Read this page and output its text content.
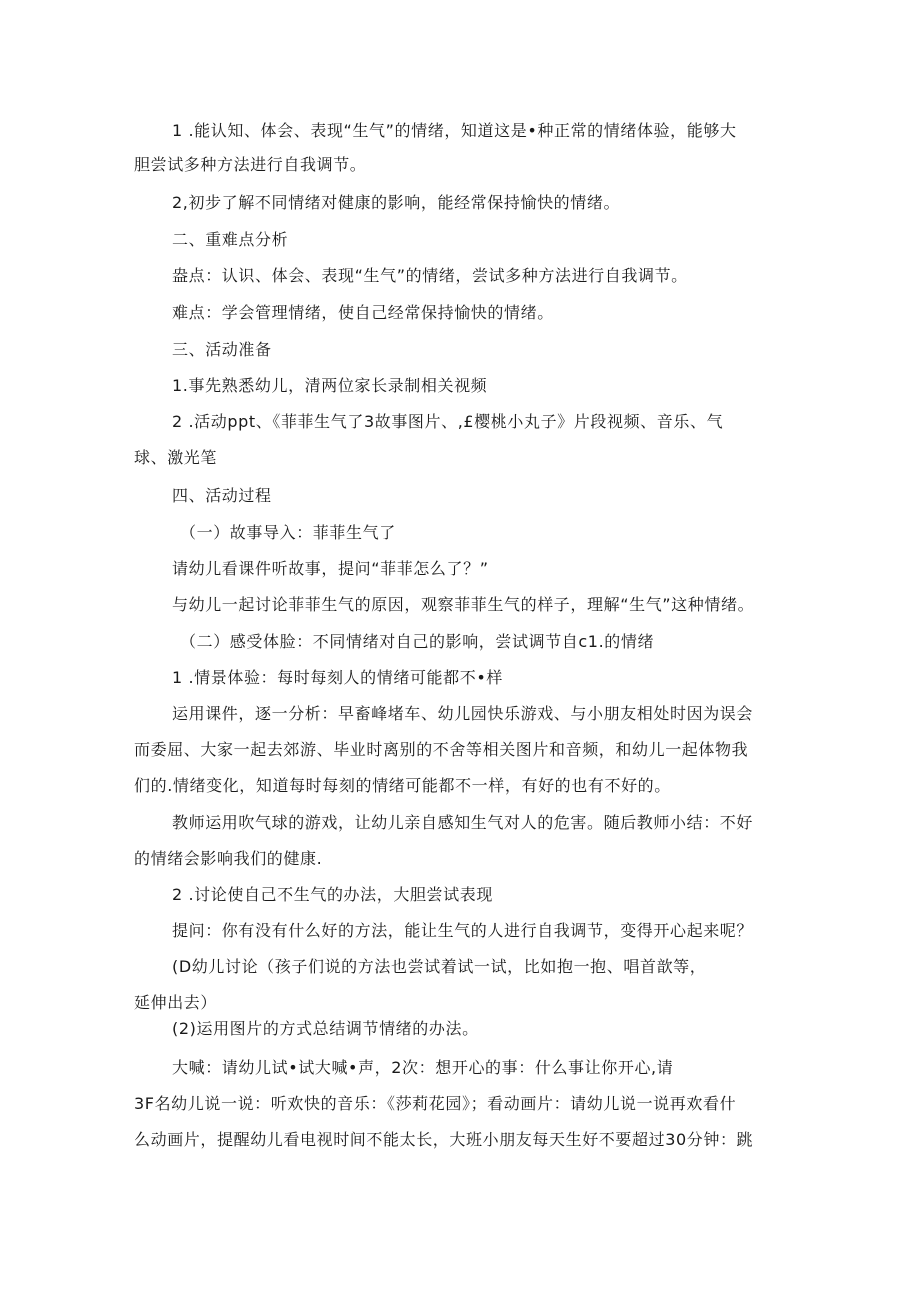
1 .能认知、体会、表现“生气”的情绪，知道这是•种正常的情绪体验，能够大
胆尝试多种方法进行自我调节。
2,初步了解不同情绪对健康的影响，能经常保持愉快的情绪。
二、重难点分析
盎点：认识、体会、表现“生气”的情绪，尝试多种方法进行自我调节。
难点：学会管理情绪，使自己经常保持愉快的情绪。
三、活动准备
1.事先熟悉幼儿，清两位家长录制相关视频
2 .活动ppt、《菲菲生气了3故事图片、,£樱桃小丸子》片段视频、音乐、气
球、激光笔
四、活动过程
（一）故事导入：菲菲生气了
请幼儿看课件听故事，提问“菲菲怎么了？”
与幼儿一起讨论菲菲生气的原因，观察菲菲生气的样子，理解“生气”这种情绪。
（二）感受体脸：不同情绪对自己的影响，尝试调节自c1.的情绪
1 .情景体验：每时每刻人的情绪可能都不•样
运用课件，逐一分析：早畜峰堵车、幼儿园快乐游戏、与小朋友相处时因为误会
而委屈、大家一起去郊游、毕业时离别的不舍等相关图片和音频，和幼儿一起体物我
们的.情绪变化，知道每时每刻的情绪可能都不一样，有好的也有不好的。
教师运用吹气球的游戏，让幼儿亲自感知生气对人的危害。随后教师小结：不好
的情绪会影响我们的健康.
2 .讨论使自己不生气的办法，大胆尝试表现
提问：你有没有什么好的方法，能让生气的人进行自我调节，变得开心起来呢？
(D幼儿讨论（孩子们说的方法也尝试着试一试，比如抱一抱、唱首歆等，
延伸出去）
(2)运用图片的方式总结调节情绪的办法。
大喊：请幼儿试•试大喊•声，2次：想开心的事：什么事让你开心,请
3F名幼儿说一说：听欢快的音乐：《莎莉花园》；看动画片：请幼儿说一说再欢看什
么动画片，提醒幼儿看电视时间不能太长，大班小朋友每天生好不要超过30分钟：跳
